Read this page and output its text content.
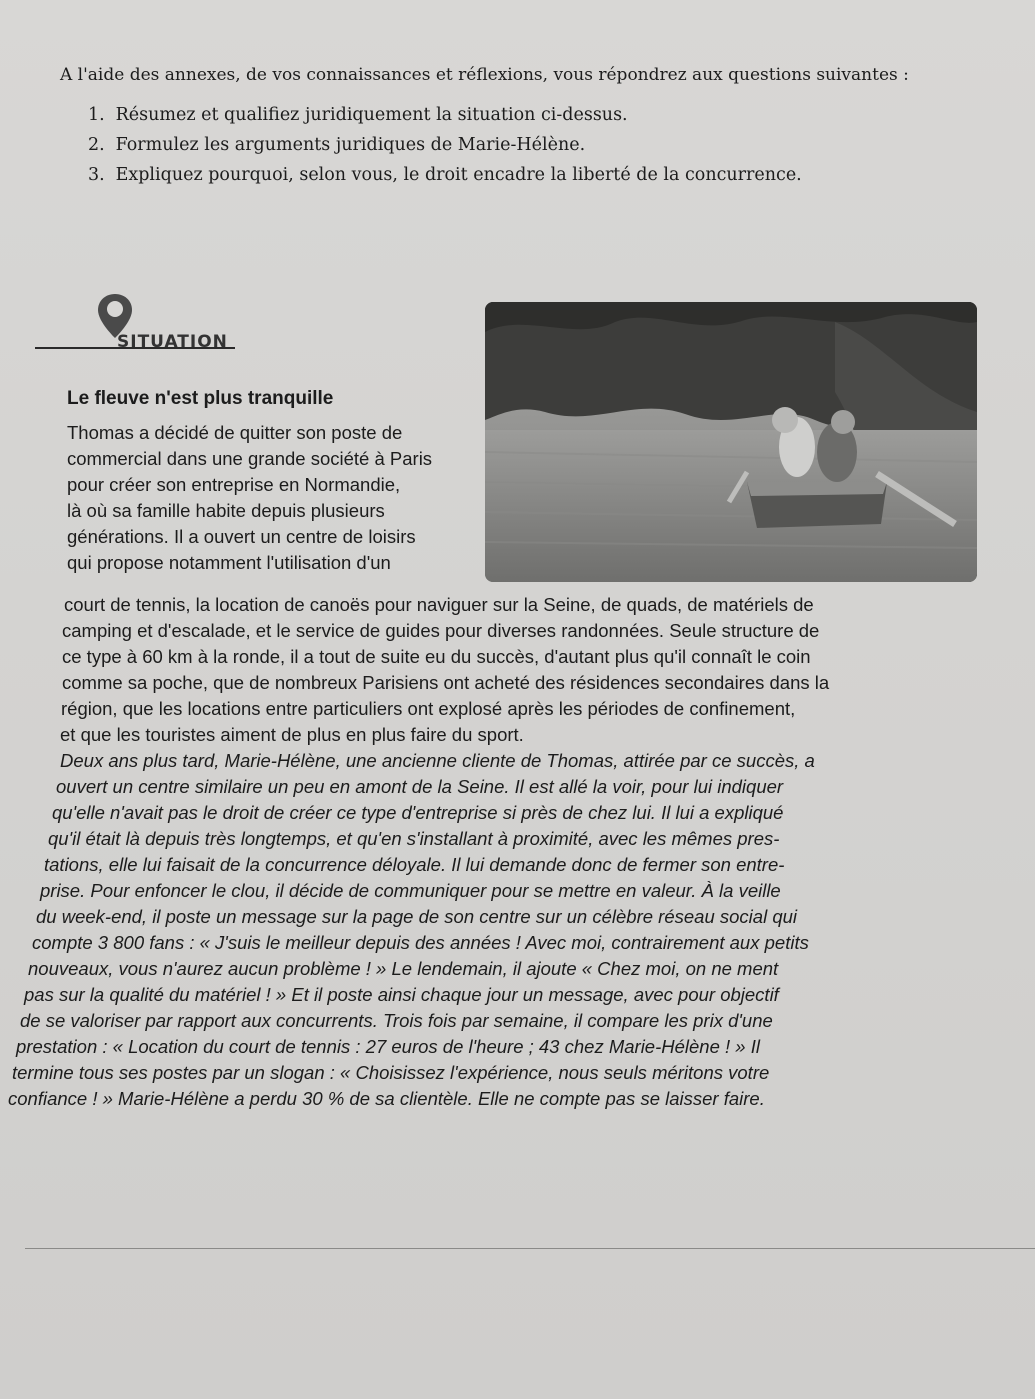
A l'aide des annexes, de vos connaissances et réflexions, vous répondrez aux questions suivantes :

1. Résumez et qualifiez juridiquement la situation ci-dessus.
2. Formulez les arguments juridiques de Marie-Hélène.
3. Expliquez pourquoi, selon vous, le droit encadre la liberté de la concurrence.
SITUATION
Le fleuve n'est plus tranquille

Thomas a décidé de quitter son poste de

commercial dans une grande société à Paris

pour créer son entreprise en Normandie,

là où sa famille habite depuis plusieurs

générations. Il a ouvert un centre de loisirs

qui propose notamment l'utilisation d'un

court de tennis, la location de canoës pour naviguer sur la Seine, de quads, de matériels de

camping et d'escalade, et le service de guides pour diverses randonnées. Seule structure de

ce type à 60 km à la ronde, il a tout de suite eu du succès, d'autant plus qu'il connaît le coin

comme sa poche, que de nombreux Parisiens ont acheté des résidences secondaires dans la

région, que les locations entre particuliers ont explosé après les périodes de confinement,

et que les touristes aiment de plus en plus faire du sport.

Deux ans plus tard, Marie-Hélène, une ancienne cliente de Thomas, attirée par ce succès, a

ouvert un centre similaire un peu en amont de la Seine. Il est allé la voir, pour lui indiquer

qu'elle n'avait pas le droit de créer ce type d'entreprise si près de chez lui. Il lui a expliqué

qu'il était là depuis très longtemps, et qu'en s'installant à proximité, avec les mêmes pres-

tations, elle lui faisait de la concurrence déloyale. Il lui demande donc de fermer son entre-

prise. Pour enfoncer le clou, il décide de communiquer pour se mettre en valeur. À la veille

du week-end, il poste un message sur la page de son centre sur un célèbre réseau social qui

compte 3 800 fans : « J'suis le meilleur depuis des années ! Avec moi, contrairement aux petits

nouveaux, vous n'aurez aucun problème ! » Le lendemain, il ajoute « Chez moi, on ne ment

pas sur la qualité du matériel ! » Et il poste ainsi chaque jour un message, avec pour objectif

de se valoriser par rapport aux concurrents. Trois fois par semaine, il compare les prix d'une

prestation : « Location du court de tennis : 27 euros de l'heure ; 43 chez Marie-Hélène ! » Il

termine tous ses postes par un slogan : « Choisissez l'expérience, nous seuls méritons votre

confiance ! » Marie-Hélène a perdu 30 % de sa clientèle. Elle ne compte pas se laisser faire.
